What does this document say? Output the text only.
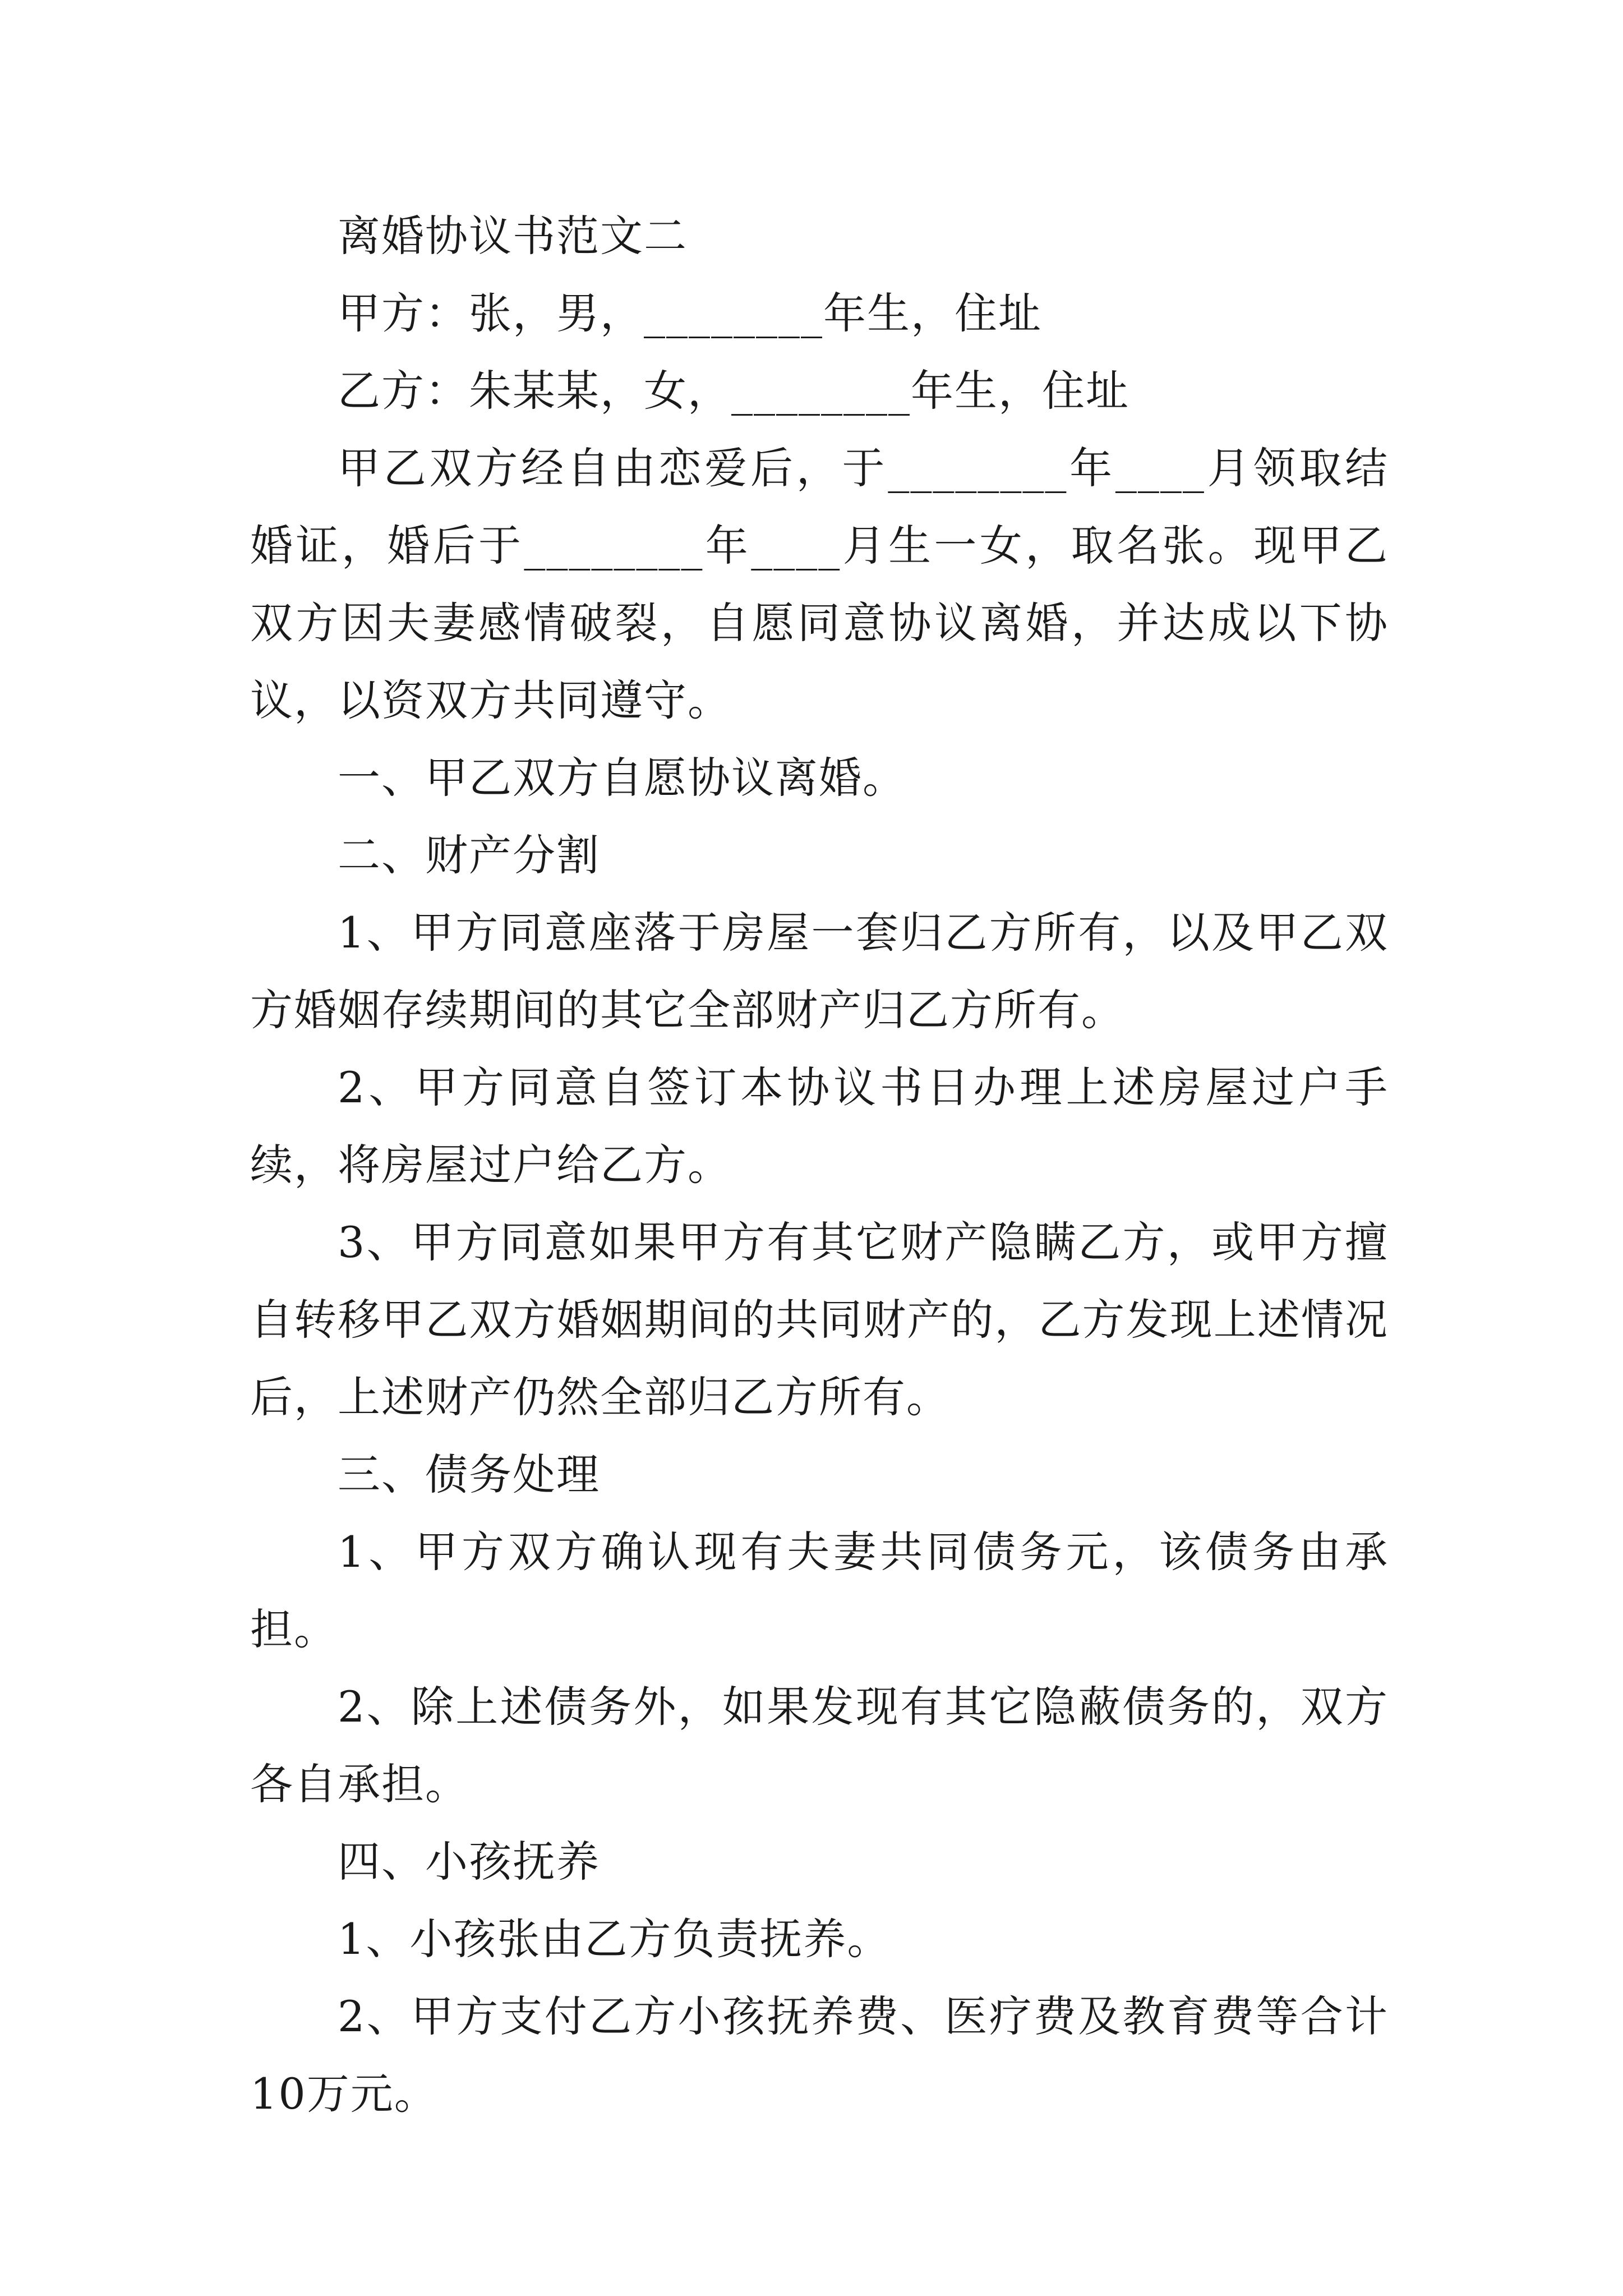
离婚协议书范文二

甲方：张，男，________年生，住址

乙方：朱某某，女，________年生，住址

甲乙双方经自由恋爱后，于________年____月领取结婚证，婚后于________年____月生一女，取名张。现甲乙双方因夫妻感情破裂，自愿同意协议离婚，并达成以下协议，以资双方共同遵守。

一、甲乙双方自愿协议离婚。

二、财产分割

1、甲方同意座落于房屋一套归乙方所有，以及甲乙双方婚姻存续期间的其它全部财产归乙方所有。

2、甲方同意自签订本协议书日办理上述房屋过户手续，将房屋过户给乙方。

3、甲方同意如果甲方有其它财产隐瞒乙方，或甲方擅自转移甲乙双方婚姻期间的共同财产的，乙方发现上述情况后，上述财产仍然全部归乙方所有。

三、债务处理

1、甲方双方确认现有夫妻共同债务元，该债务由承担。

2、除上述债务外，如果发现有其它隐蔽债务的，双方各自承担。

四、小孩抚养

1、小孩张由乙方负责抚养。

2、甲方支付乙方小孩抚养费、医疗费及教育费等合计10万元。
